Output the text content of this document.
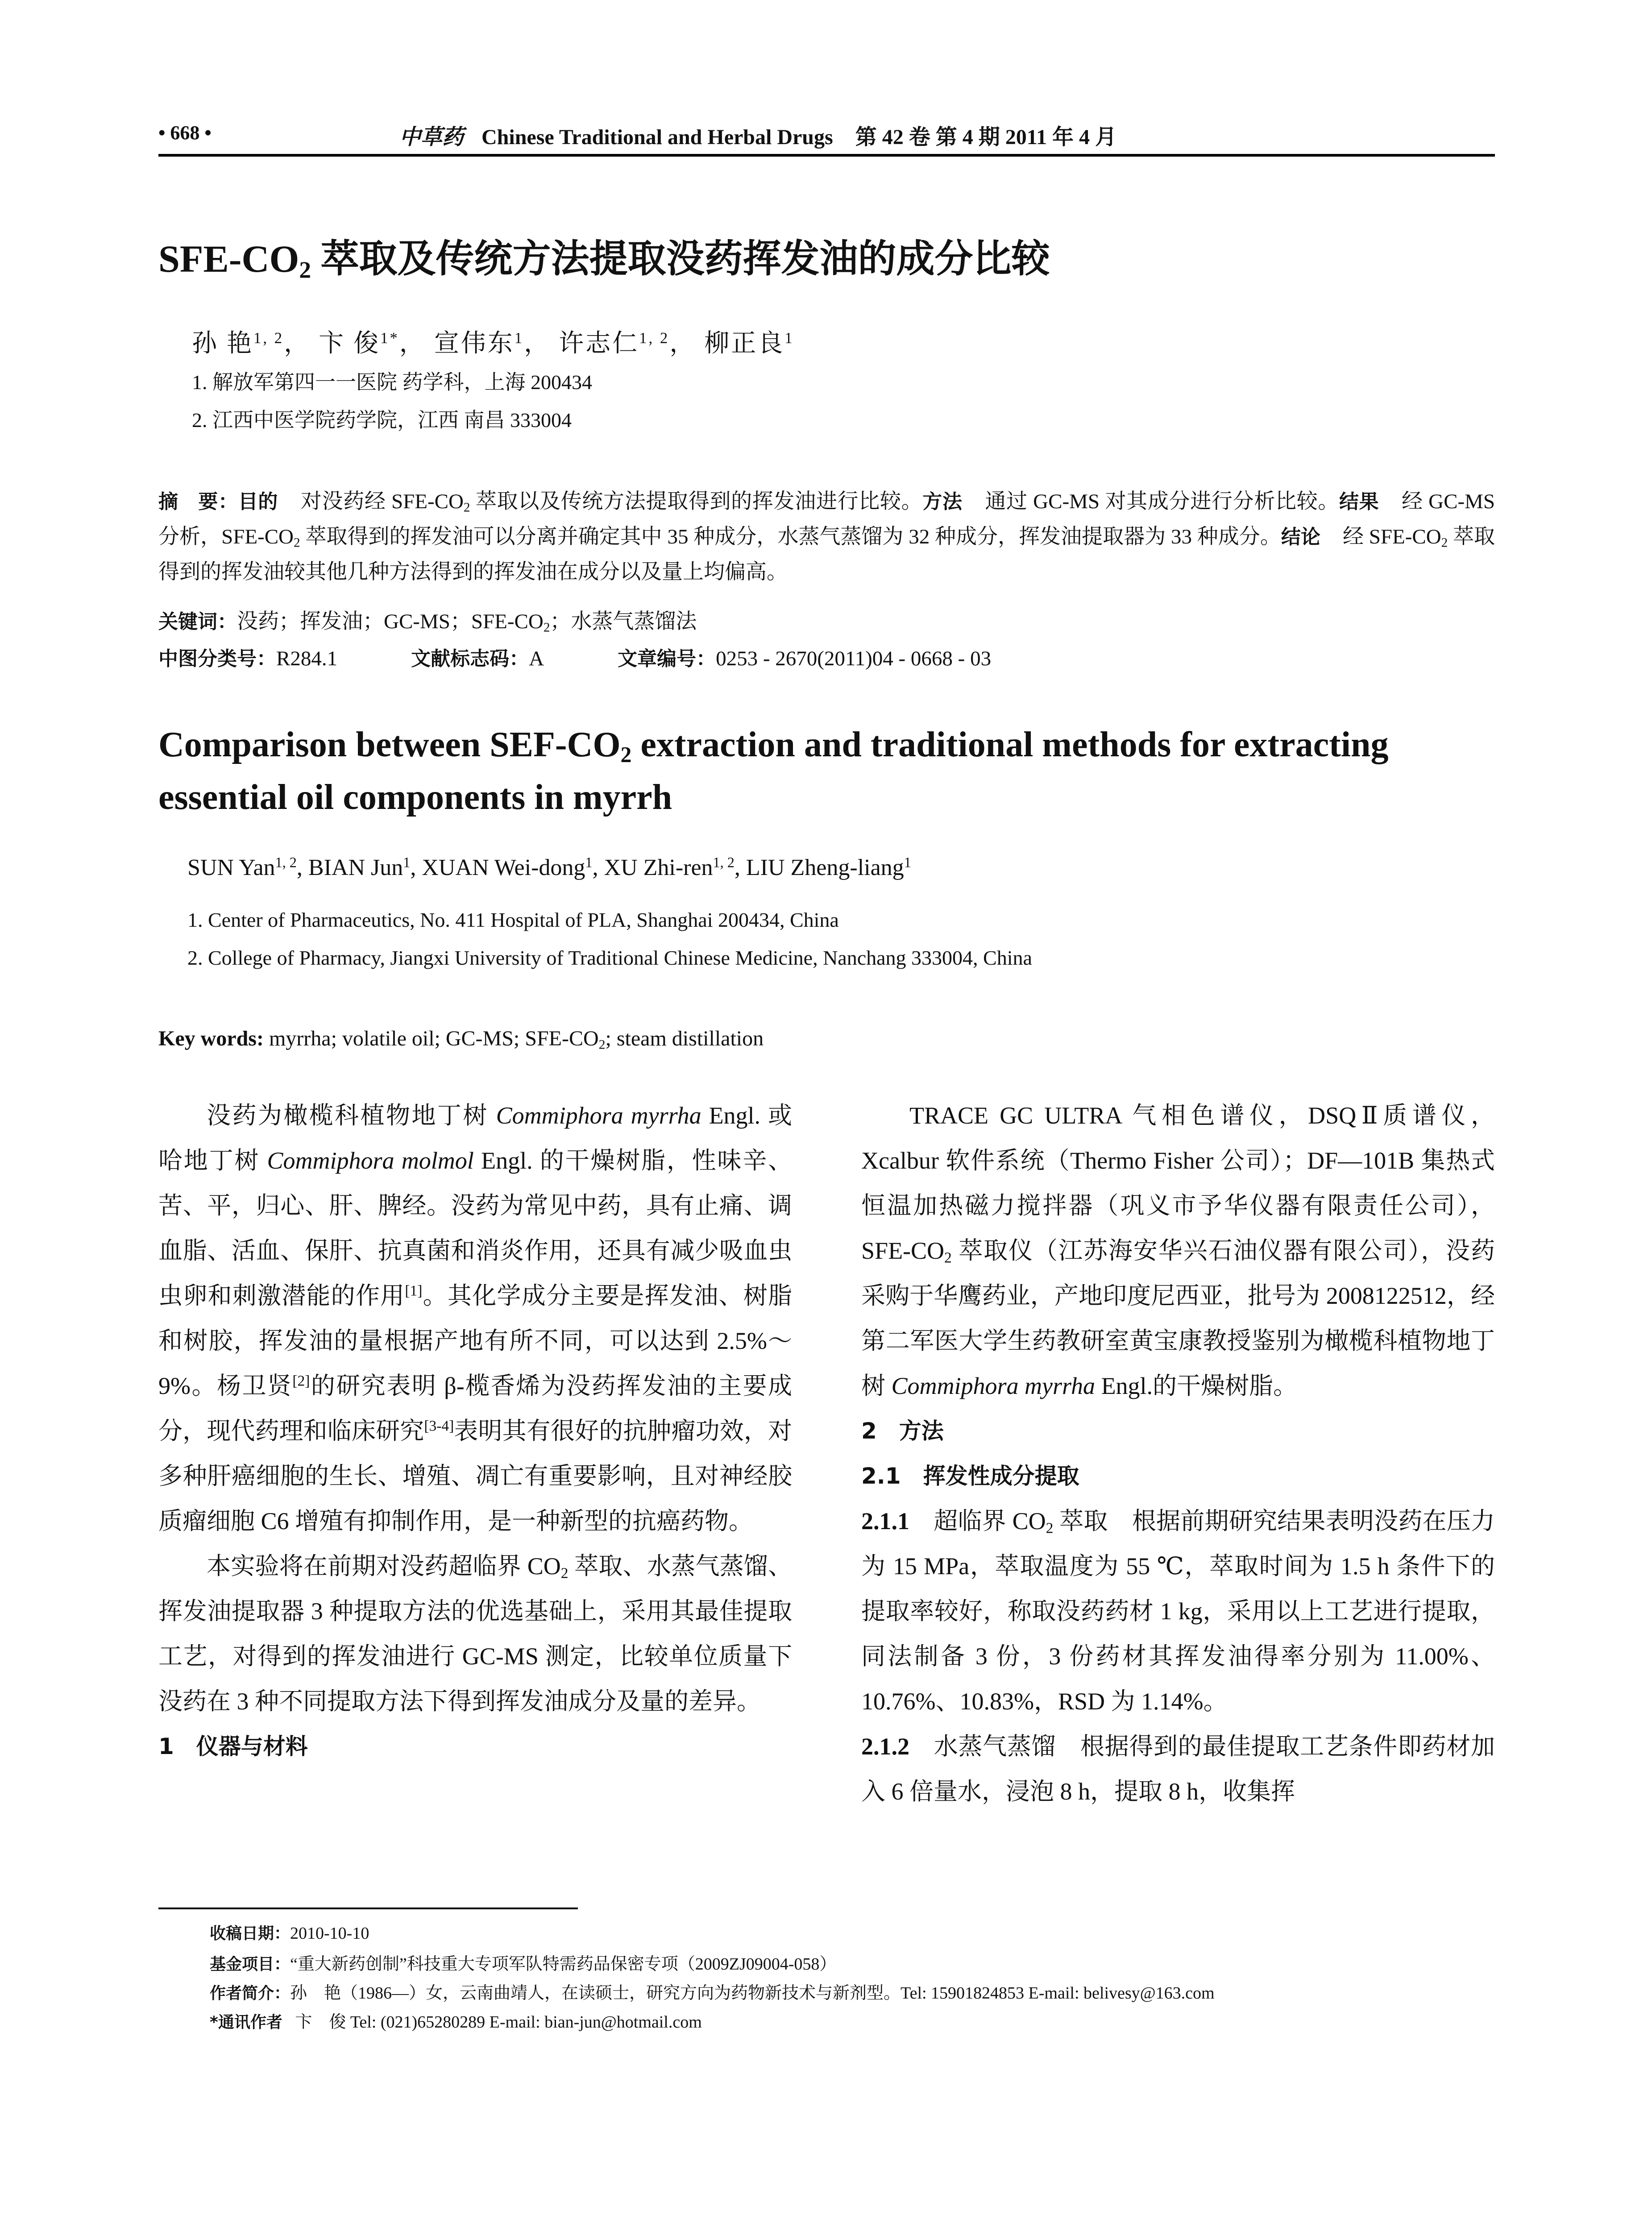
• 668 •	中草药 Chinese Traditional and Herbal Drugs 第 42 卷 第 4 期 2011 年 4 月
SFE-$CO_2$ 萃取及传统方法提取没药挥发油的成分比较
孙 艳$^{1, 2}$， 卞 俊$^{1*}$， 宣伟东$^1$， 许志仁$^{1, 2}$， 柳正良$^1$
1. 解放军第四一一医院 药学科，上海 200434
2. 江西中医学院药学院，江西 南昌 333004
摘　要：目的 对没药经 SFE-$CO_2$ 萃取以及传统方法提取得到的挥发油进行比较。方法 通过 GC-MS 对其成分进行分析比较。结果 经 GC-MS 分析，SFE-$CO_2$ 萃取得到的挥发油可以分离并确定其中 35 种成分，水蒸气蒸馏为 32 种成分，挥发油提取器为 33 种成分。结论 经 SFE-$CO_2$ 萃取得到的挥发油较其他几种方法得到的挥发油在成分以及量上均偏高。
关键词：没药；挥发油；GC-MS；SFE-$CO_2$；水蒸气蒸馏法
中图分类号：R284.1	文献标志码：A	文章编号：0253 - 2670(2011)04 - 0668 - 03
Comparison between SEF-$CO_2$ extraction and traditional methods for extracting
essential oil components in myrrh
SUN Yan$^{1, 2}$, BIAN Jun$^1$, XUAN Wei-dong$^1$, XU Zhi-ren$^{1, 2}$, LIU Zheng-liang$^1$
1. Center of Pharmaceutics, No. 411 Hospital of PLA, Shanghai 200434, China
2. College of Pharmacy, Jiangxi University of Traditional Chinese Medicine, Nanchang 333004, China
Key words: myrrha; volatile oil; GC-MS; SFE-$CO_2$; steam distillation

没药为橄榄科植物地丁树 Commiphora myrrha Engl. 或哈地丁树 Commiphora molmol Engl. 的干燥树脂，性味辛、苦、平，归心、肝、脾经。没药为常见中药，具有止痛、调血脂、活血、保肝、抗真菌和消炎作用，还具有减少吸血虫虫卵和刺激潜能的作用[1]。其化学成分主要是挥发油、树脂和树胶，挥发油的量根据产地有所不同，可以达到 2.5%～9%。杨卫贤[2]的研究表明 β-榄香烯为没药挥发油的主要成分，现代药理和临床研究[3-4]表明其有很好的抗肿瘤功效，对多种肝癌细胞的生长、增殖、凋亡有重要影响，且对神经胶质瘤细胞 C6 增殖有抑制作用，是一种新型的抗癌药物。

本实验将在前期对没药超临界 $CO_2$ 萃取、水蒸气蒸馏、挥发油提取器 3 种提取方法的优选基础上，采用其最佳提取工艺，对得到的挥发油进行 GC-MS 测定，比较单位质量下没药在 3 种不同提取方法下得到挥发油成分及量的差异。

1　仪器与材料

TRACE GC ULTRA 气相色谱仪，DSQⅡ质谱仪，Xcalbur 软件系统（Thermo Fisher 公司）；DF—101B 集热式恒温加热磁力搅拌器（巩义市予华仪器有限责任公司），SFE-$CO_2$ 萃取仪（江苏海安华兴石油仪器有限公司），没药采购于华鹰药业，产地印度尼西亚，批号为 2008122512，经第二军医大学生药教研室黄宝康教授鉴别为橄榄科植物地丁树 Commiphora myrrha Engl.的干燥树脂。

2　方法

2.1　挥发性成分提取

2.1.1 超临界 $CO_2$ 萃取 根据前期研究结果表明没药在压力为 15 MPa，萃取温度为 55 ℃，萃取时间为 1.5 h 条件下的提取率较好，称取没药药材 1 kg，采用以上工艺进行提取，同法制备 3 份，3 份药材其挥发油得率分别为 11.00%、10.76%、10.83%，RSD 为 1.14%。

2.1.2 水蒸气蒸馏 根据得到的最佳提取工艺条件即药材加入 6 倍量水，浸泡 8 h，提取 8 h，收集挥

收稿日期：2010-10-10
基金项目：“重大新药创制”科技重大专项军队特需药品保密专项（2009ZJ09004-058）
作者简介：孙　艳（1986—）女，云南曲靖人，在读硕士，研究方向为药物新技术与新剂型。Tel: 15901824853 E-mail: belivesy@163.com
*通讯作者 卞　俊 Tel: (021)65280289 E-mail: bian-jun@hotmail.com
